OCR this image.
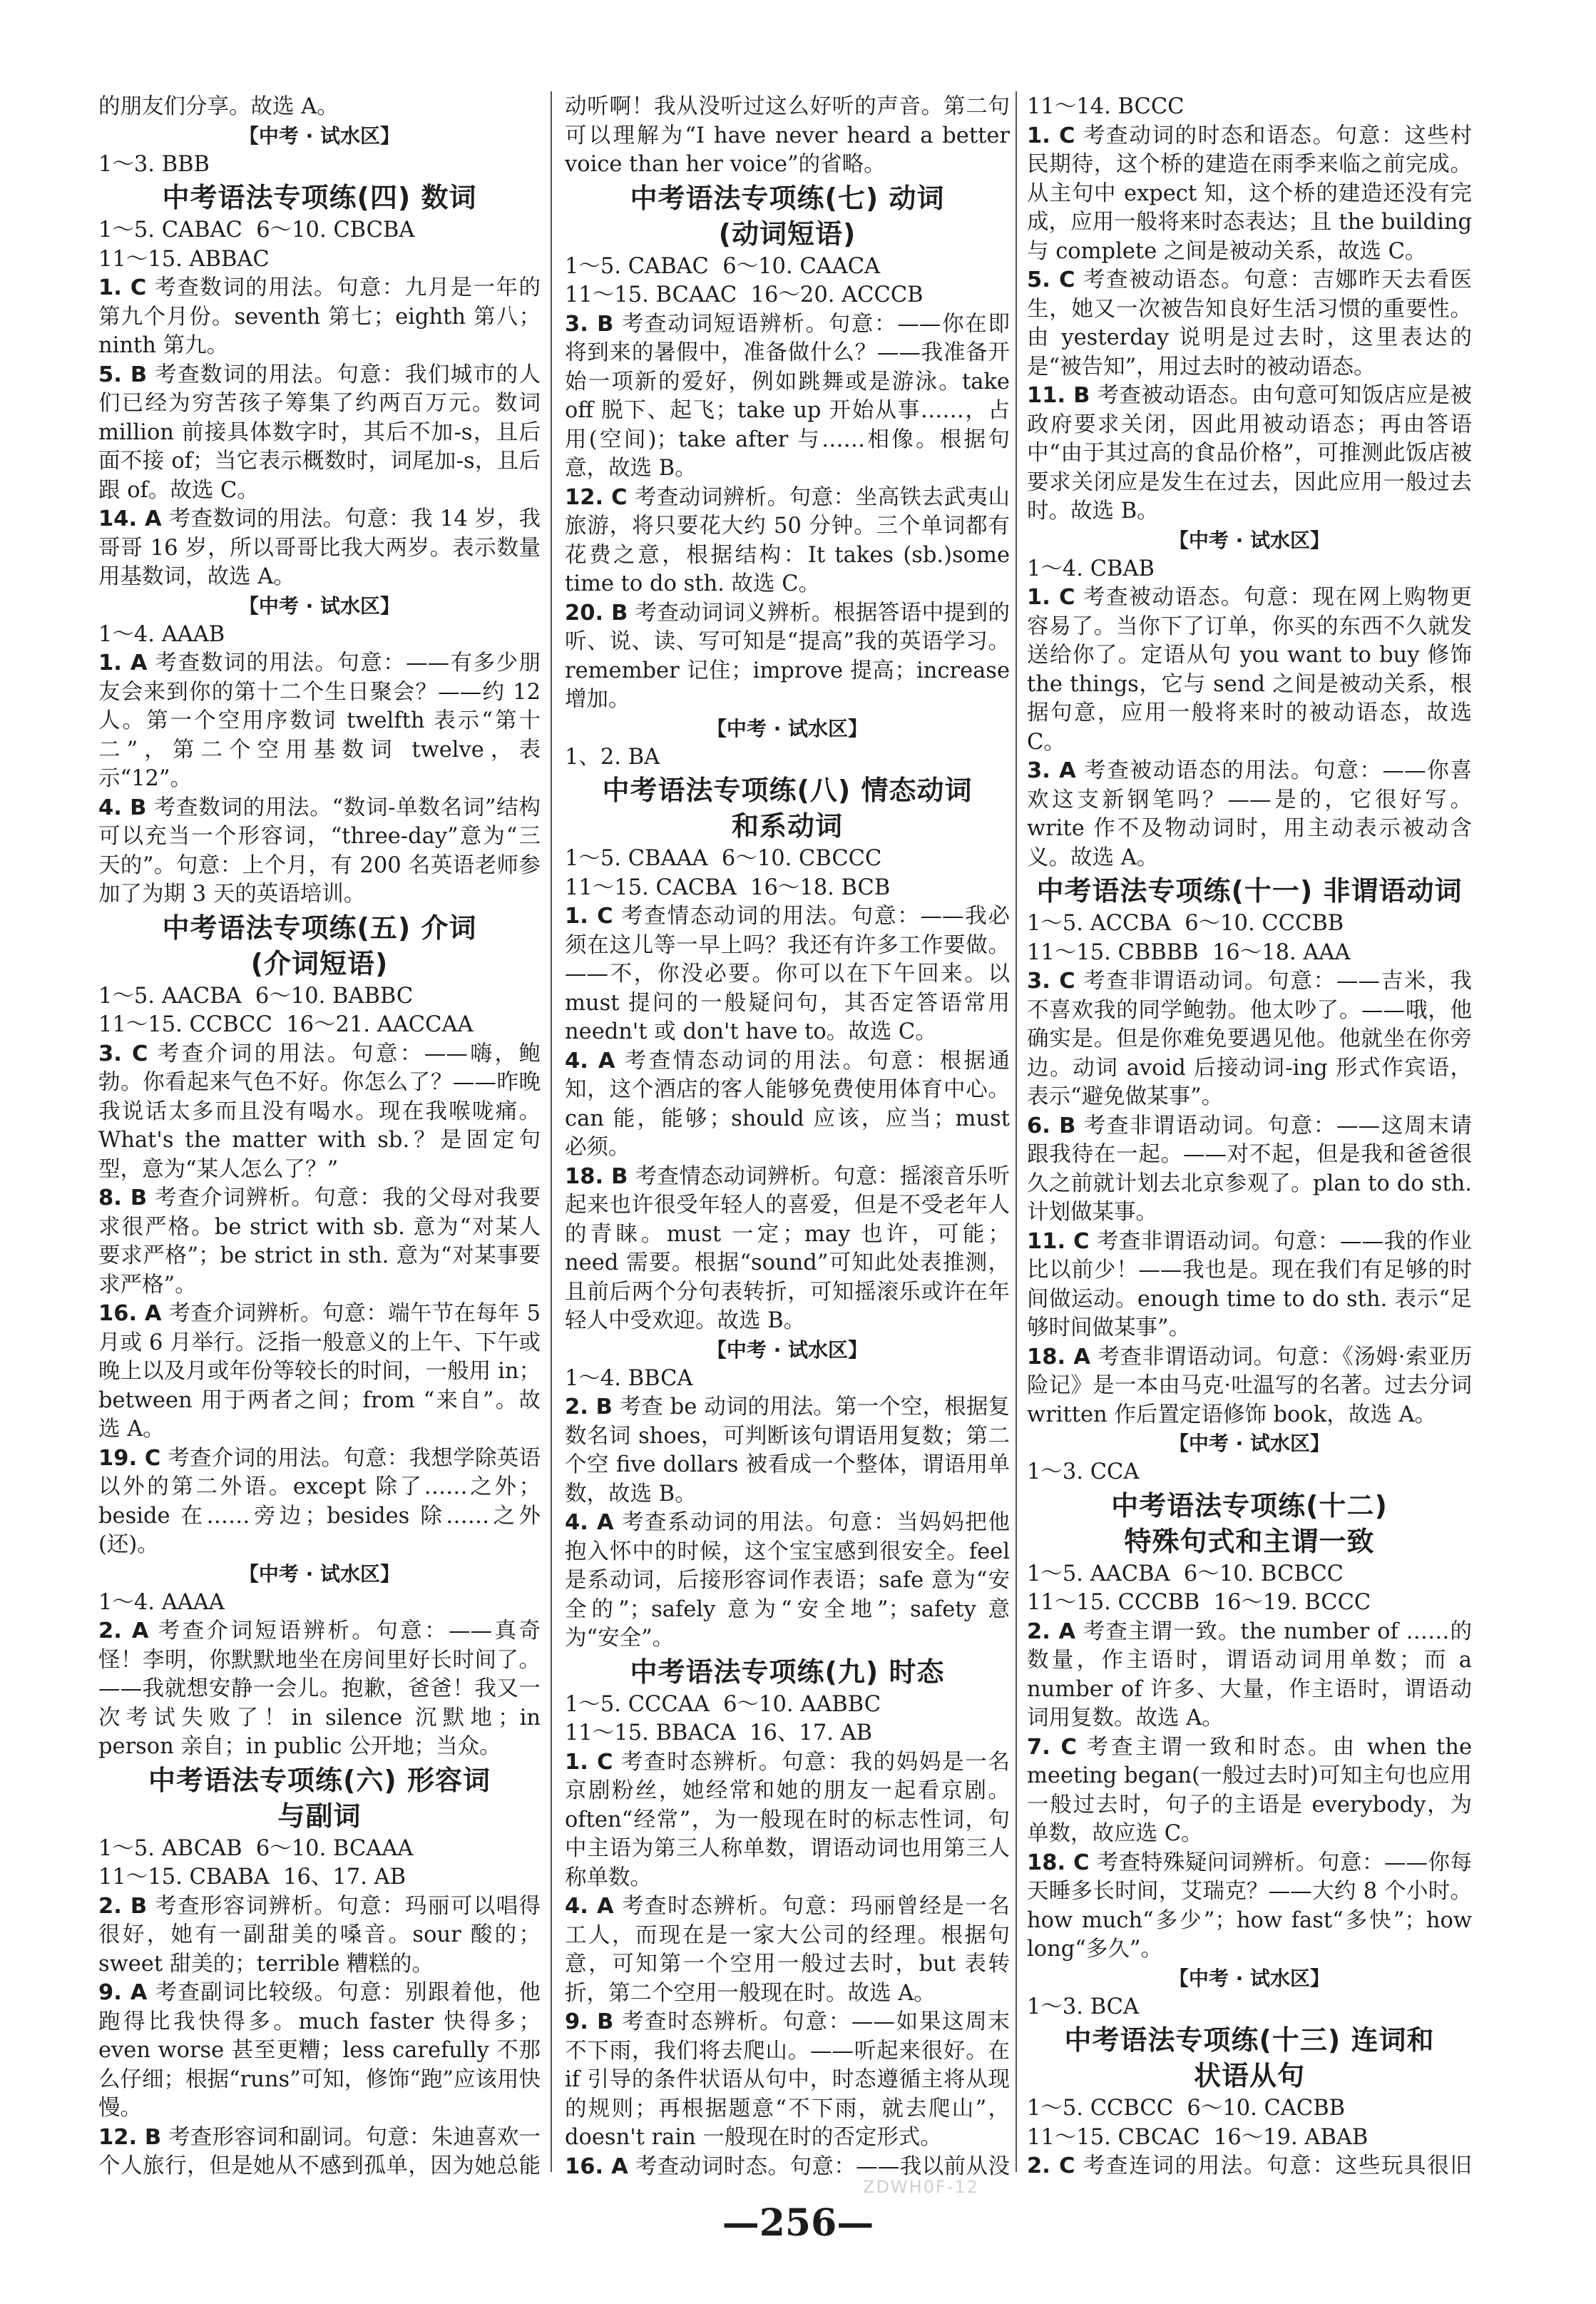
的朋友们分享。故选 A。
【中考 · 试水区】
1～3. BBB
中考语法专项练(四) 数词
1～5. CABAC  6～10. CBCBA
11～15. ABBAC
1. C 考查数词的用法。句意：九月是一年的第九个月份。seventh 第七；eighth 第八；ninth 第九。
5. B 考查数词的用法。句意：我们城市的人们已经为穷苦孩子筹集了约两百万元。数词 million 前接具体数字时，其后不加-s，且后面不接 of；当它表示概数时，词尾加-s，且后跟 of。故选 C。
14. A 考查数词的用法。句意：我 14 岁，我哥哥 16 岁，所以哥哥比我大两岁。表示数量用基数词，故选 A。
【中考 · 试水区】
1～4. AAAB
1. A 考查数词的用法。句意：——有多少朋友会来到你的第十二个生日聚会？——约 12 人。第一个空用序数词 twelfth 表示“第十二”，第二个空用基数词 twelve，表示“12”。
4. B 考查数词的用法。“数词-单数名词”结构可以充当一个形容词，“three-day”意为“三天的”。句意：上个月，有 200 名英语老师参加了为期 3 天的英语培训。
中考语法专项练(五) 介词
(介词短语)
1～5. AACBA  6～10. BABBC
11～15. CCBCC  16～21. AACCAA
3. C 考查介词的用法。句意：——嗨，鲍勃。你看起来气色不好。你怎么了？——昨晚我说话太多而且没有喝水。现在我喉咙痛。What's the matter with sb.？是固定句型，意为“某人怎么了？”
8. B 考查介词辨析。句意：我的父母对我要求很严格。be strict with sb. 意为“对某人要求严格”；be strict in sth. 意为“对某事要求严格”。
16. A 考查介词辨析。句意：端午节在每年 5 月或 6 月举行。泛指一般意义的上午、下午或晚上以及月或年份等较长的时间，一般用 in；between 用于两者之间；from “来自”。故选 A。
19. C 考查介词的用法。句意：我想学除英语以外的第二外语。except 除了……之外；beside 在……旁边；besides 除……之外(还)。
【中考 · 试水区】
1～4. AAAA
2. A 考查介词短语辨析。句意：——真奇怪！李明，你默默地坐在房间里好长时间了。——我就想安静一会儿。抱歉，爸爸！我又一次考试失败了！in silence 沉默地；in person 亲自；in public 公开地；当众。
中考语法专项练(六) 形容词
与副词
1～5. ABCAB  6～10. BCAAA
11～15. CBABA  16、17. AB
2. B 考查形容词辨析。句意：玛丽可以唱得很好，她有一副甜美的嗓音。sour 酸的；sweet 甜美的；terrible 糟糕的。
9. A 考查副词比较级。句意：别跟着他，他跑得比我快得多。much faster 快得多；even worse 甚至更糟；less carefully 不那么仔细；根据“runs”可知，修饰“跑”应该用快慢。
12. B 考查形容词和副词。句意：朱迪喜欢一个人旅行，但是她从不感到孤单，因为她总能
动听啊！我从没听过这么好听的声音。第二句可以理解为“I have never heard a better voice than her voice”的省略。
中考语法专项练(七) 动词
(动词短语)
1～5. CABAC  6～10. CAACA
11～15. BCAAC  16～20. ACCCB
3. B 考查动词短语辨析。句意：——你在即将到来的暑假中，准备做什么？——我准备开始一项新的爱好，例如跳舞或是游泳。take off 脱下、起飞；take up 开始从事……，占用(空间)；take after 与……相像。根据句意，故选 B。
12. C 考查动词辨析。句意：坐高铁去武夷山旅游，将只要花大约 50 分钟。三个单词都有花费之意，根据结构：It takes (sb.)some time to do sth. 故选 C。
20. B 考查动词词义辨析。根据答语中提到的听、说、读、写可知是“提高”我的英语学习。remember 记住；improve 提高；increase 增加。
【中考 · 试水区】
1、2. BA
中考语法专项练(八) 情态动词
和系动词
1～5. CBAAA  6～10. CBCCC
11～15. CACBA  16～18. BCB
1. C 考查情态动词的用法。句意：——我必须在这儿等一早上吗？我还有许多工作要做。——不，你没必要。你可以在下午回来。以 must 提问的一般疑问句，其否定答语常用 needn't 或 don't have to。故选 C。
4. A 考查情态动词的用法。句意：根据通知，这个酒店的客人能够免费使用体育中心。can 能，能够；should 应该，应当；must 必须。
18. B 考查情态动词辨析。句意：摇滚音乐听起来也许很受年轻人的喜爱，但是不受老年人的青睐。must 一定；may 也许，可能；need 需要。根据“sound”可知此处表推测，且前后两个分句表转折，可知摇滚乐或许在年轻人中受欢迎。故选 B。
【中考 · 试水区】
1～4. BBCA
2. B 考查 be 动词的用法。第一个空，根据复数名词 shoes，可判断该句谓语用复数；第二个空 five dollars 被看成一个整体，谓语用单数，故选 B。
4. A 考查系动词的用法。句意：当妈妈把他抱入怀中的时候，这个宝宝感到很安全。feel 是系动词，后接形容词作表语；safe 意为“安全的”；safely 意为“安全地”；safety 意为“安全”。
中考语法专项练(九) 时态
1～5. CCCAA  6～10. AABBC
11～15. BBACA  16、17. AB
1. C 考查时态辨析。句意：我的妈妈是一名京剧粉丝，她经常和她的朋友一起看京剧。often“经常”，为一般现在时的标志性词，句中主语为第三人称单数，谓语动词也用第三人称单数。
4. A 考查时态辨析。句意：玛丽曾经是一名工人，而现在是一家大公司的经理。根据句意，可知第一个空用一般过去时，but 表转折，第二个空用一般现在时。故选 A。
9. B 考查时态辨析。句意：——如果这周末不下雨，我们将去爬山。——听起来很好。在 if 引导的条件状语从句中，时态遵循主将从现的规则；再根据题意“不下雨，就去爬山”，doesn't rain 一般现在时的否定形式。
16. A 考查动词时态。句意：——我以前从没
11～14. BCCC
1. C 考查动词的时态和语态。句意：这些村民期待，这个桥的建造在雨季来临之前完成。从主句中 expect 知，这个桥的建造还没有完成，应用一般将来时态表达；且 the building 与 complete 之间是被动关系，故选 C。
5. C 考查被动语态。句意：吉娜昨天去看医生，她又一次被告知良好生活习惯的重要性。由 yesterday 说明是过去时，这里表达的是“被告知”，用过去时的被动语态。
11. B 考查被动语态。由句意可知饭店应是被政府要求关闭，因此用被动语态；再由答语中“由于其过高的食品价格”，可推测此饭店被要求关闭应是发生在过去，因此应用一般过去时。故选 B。
【中考 · 试水区】
1～4. CBAB
1. C 考查被动语态。句意：现在网上购物更容易了。当你下了订单，你买的东西不久就发送给你了。定语从句 you want to buy 修饰 the things，它与 send 之间是被动关系，根据句意，应用一般将来时的被动语态，故选 C。
3. A 考查被动语态的用法。句意：——你喜欢这支新钢笔吗？——是的，它很好写。write 作不及物动词时，用主动表示被动含义。故选 A。
中考语法专项练(十一) 非谓语动词
1～5. ACCBA  6～10. CCCBB
11～15. CBBBB  16～18. AAA
3. C 考查非谓语动词。句意：——吉米，我不喜欢我的同学鲍勃。他太吵了。——哦，他确实是。但是你难免要遇见他。他就坐在你旁边。动词 avoid 后接动词-ing 形式作宾语，表示“避免做某事”。
6. B 考查非谓语动词。句意：——这周末请跟我待在一起。——对不起，但是我和爸爸很久之前就计划去北京参观了。plan to do sth. 计划做某事。
11. C 考查非谓语动词。句意：——我的作业比以前少！——我也是。现在我们有足够的时间做运动。enough time to do sth. 表示“足够时间做某事”。
18. A 考查非谓语动词。句意：《汤姆·索亚历险记》是一本由马克·吐温写的名著。过去分词 written 作后置定语修饰 book，故选 A。
【中考 · 试水区】
1～3. CCA
中考语法专项练(十二)
特殊句式和主谓一致
1～5. AACBA  6～10. BCBCC
11～15. CCCBB  16～19. BCCC
2. A 考查主谓一致。the number of ……的数量，作主语时，谓语动词用单数；而 a number of 许多、大量，作主语时，谓语动词用复数。故选 A。
7. C 考查主谓一致和时态。由 when the meeting began(一般过去时)可知主句也应用一般过去时，句子的主语是 everybody，为单数，故应选 C。
18. C 考查特殊疑问词辨析。句意：——你每天睡多长时间，艾瑞克？——大约 8 个小时。how much“多少”；how fast“多快”；how long“多久”。
【中考 · 试水区】
1～3. BCA
中考语法专项练(十三) 连词和
状语从句
1～5. CCBCC  6～10. CACBB
11～15. CBCAC  16～19. ABAB
2. C 考查连词的用法。句意：这些玩具很旧
ZDWH0F-12
—256—
